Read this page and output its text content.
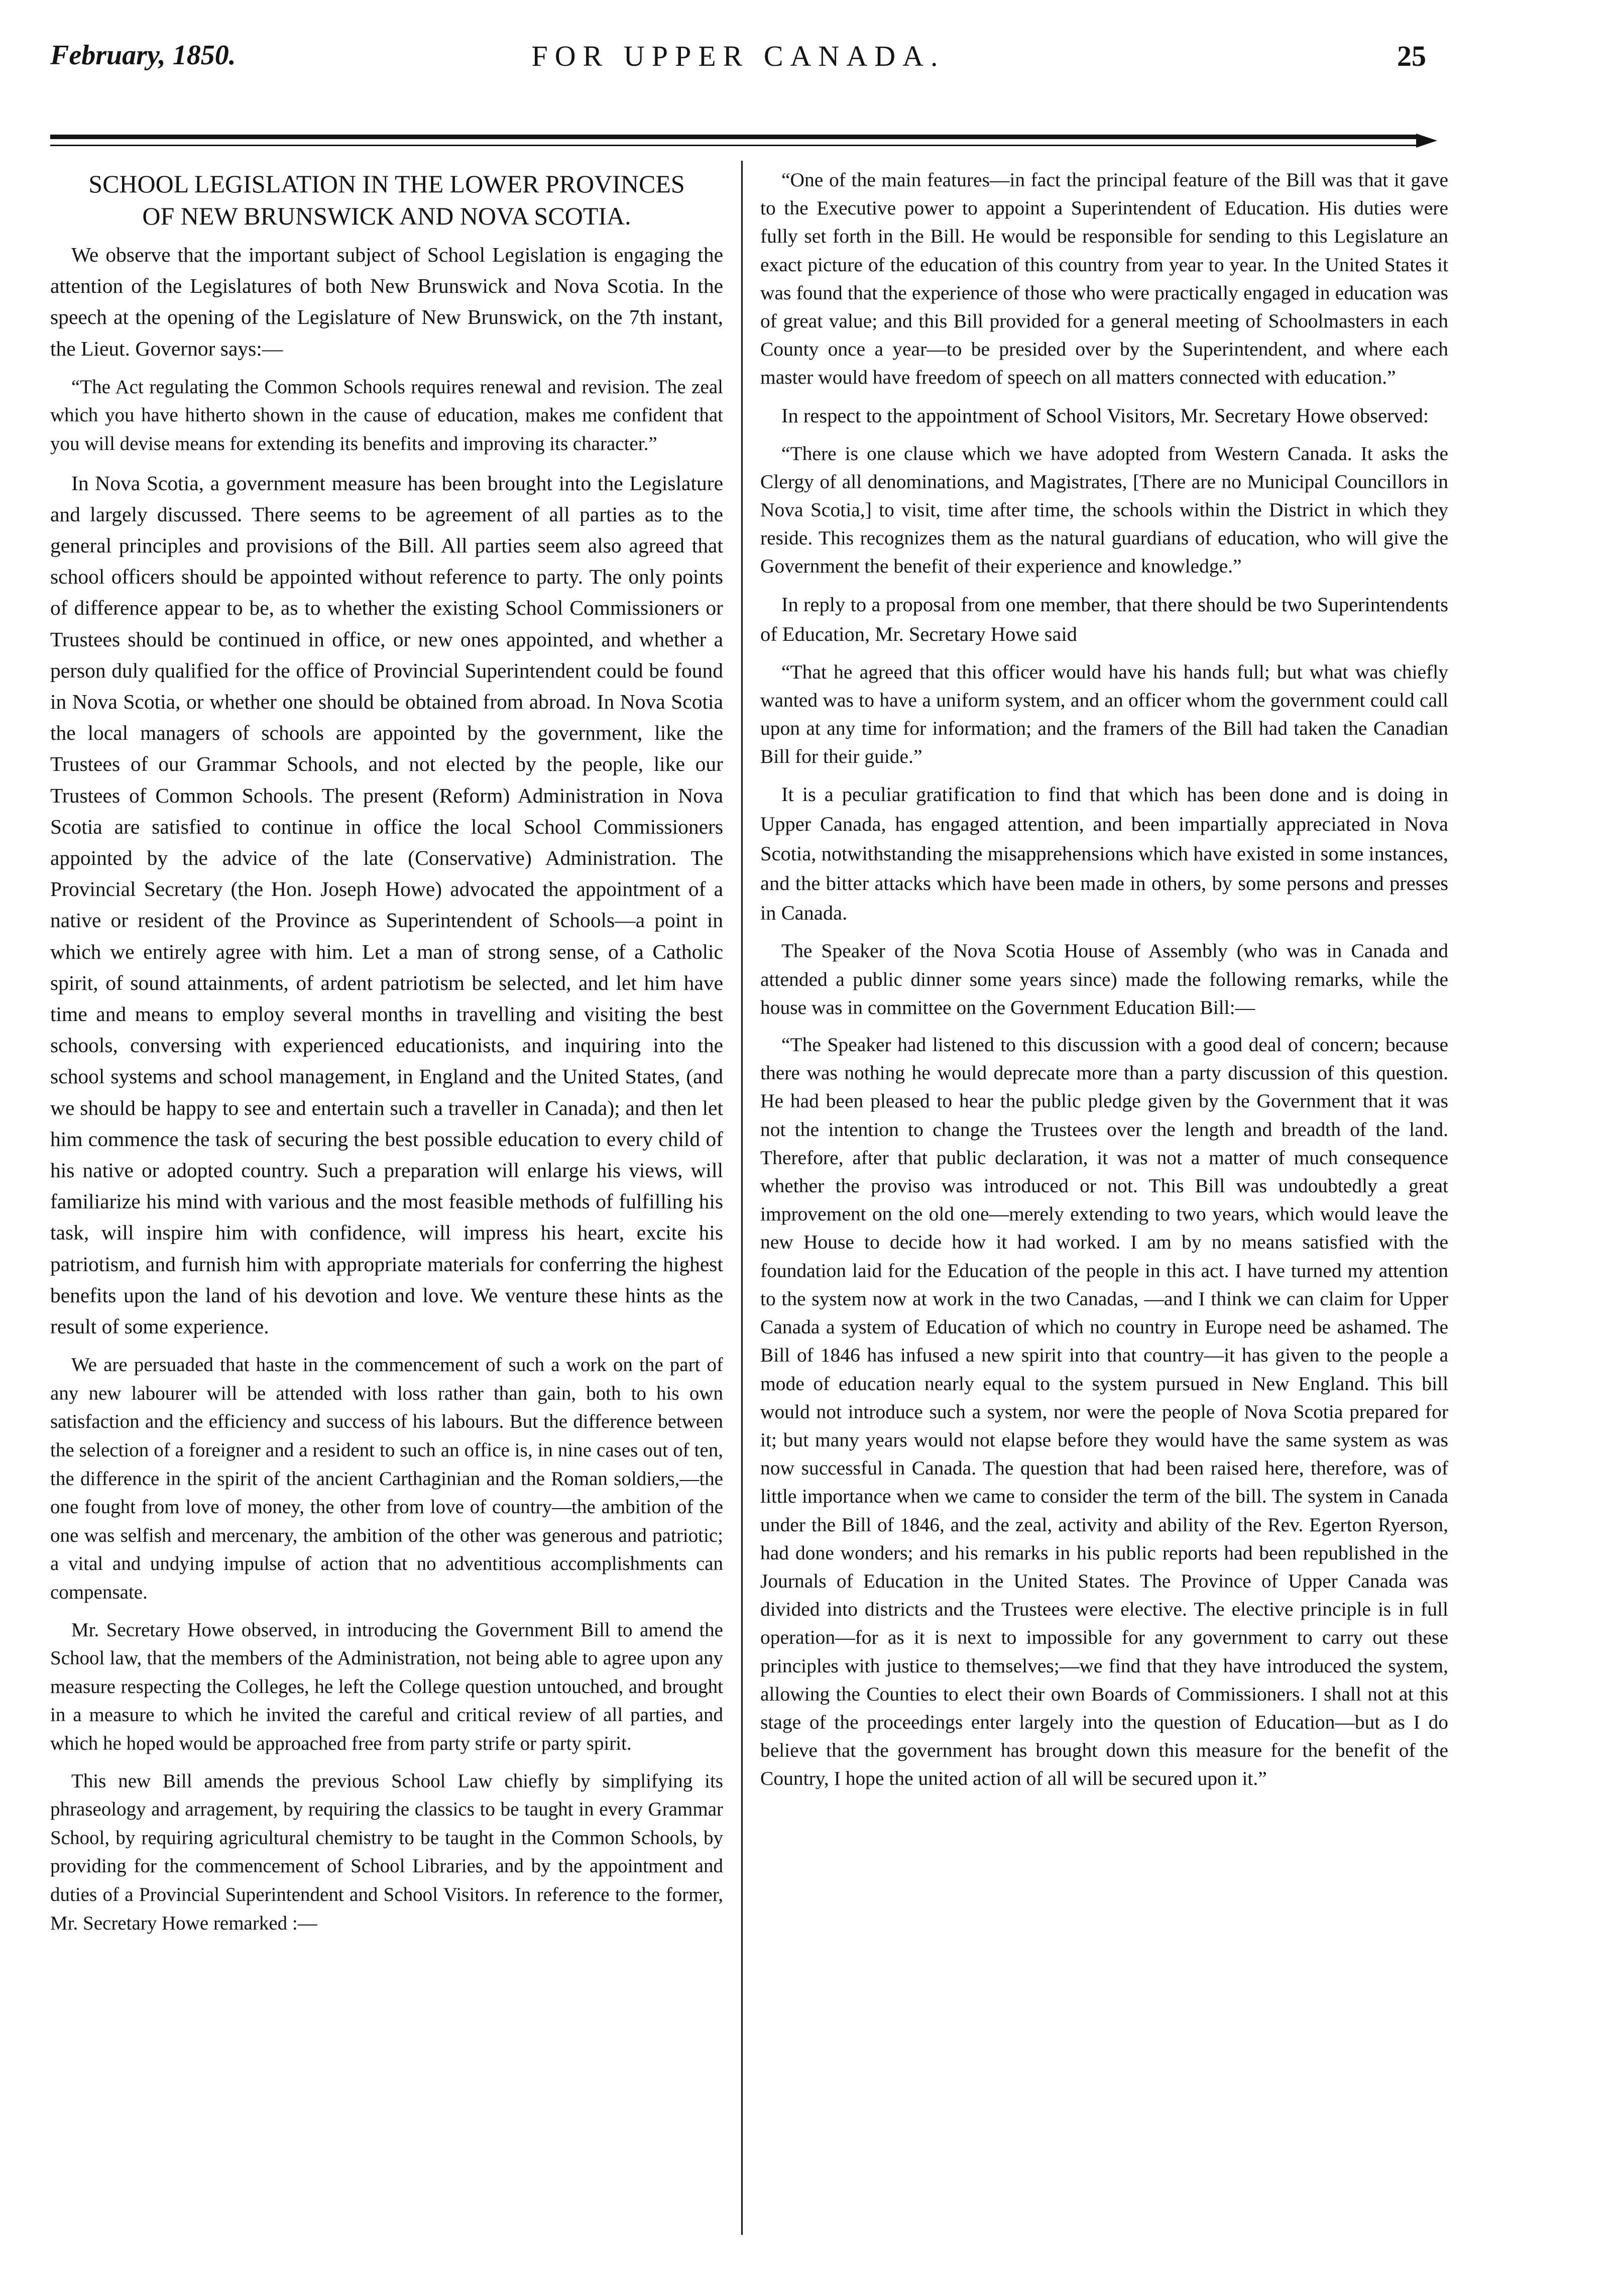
February, 1850.	FOR UPPER CANADA.	25
SCHOOL LEGISLATION IN THE LOWER PROVINCES
OF NEW BRUNSWICK AND NOVA SCOTIA.

We observe that the important subject of School Legislation is engaging the attention of the Legislatures of both New Brunswick and Nova Scotia. In the speech at the opening of the Legislature of New Brunswick, on the 7th instant, the Lieut. Governor says:—

“The Act regulating the Common Schools requires renewal and revision. The zeal which you have hitherto shown in the cause of education, makes me confident that you will devise means for extending its benefits and improving its character.”

In Nova Scotia, a government measure has been brought into the Legislature and largely discussed. There seems to be agreement of all parties as to the general principles and provisions of the Bill. All parties seem also agreed that school officers should be appointed without reference to party. The only points of difference appear to be, as to whether the existing School Commissioners or Trustees should be continued in office, or new ones appointed, and whether a person duly qualified for the office of Provincial Superintendent could be found in Nova Scotia, or whether one should be obtained from abroad. In Nova Scotia the local managers of schools are appointed by the government, like the Trustees of our Grammar Schools, and not elected by the people, like our Trustees of Common Schools. The present (Reform) Administration in Nova Scotia are satisfied to continue in office the local School Commissioners appointed by the advice of the late (Conservative) Administration. The Provincial Secretary (the Hon. Joseph Howe) advocated the appointment of a native or resident of the Province as Superintendent of Schools—a point in which we entirely agree with him. Let a man of strong sense, of a Catholic spirit, of sound attainments, of ardent patriotism be selected, and let him have time and means to employ several months in travelling and visiting the best schools, conversing with experienced educationists, and inquiring into the school systems and school management, in England and the United States, (and we should be happy to see and entertain such a traveller in Canada); and then let him commence the task of securing the best possible education to every child of his native or adopted country. Such a preparation will enlarge his views, will familiarize his mind with various and the most feasible methods of fulfilling his task, will inspire him with confidence, will impress his heart, excite his patriotism, and furnish him with appropriate materials for conferring the highest benefits upon the land of his devotion and love. We venture these hints as the result of some experience.

We are persuaded that haste in the commencement of such a work on the part of any new labourer will be attended with loss rather than gain, both to his own satisfaction and the efficiency and success of his labours. But the difference between the selection of a foreigner and a resident to such an office is, in nine cases out of ten, the difference in the spirit of the ancient Carthaginian and the Roman soldiers,—the one fought from love of money, the other from love of country—the ambition of the one was selfish and mercenary, the ambition of the other was generous and patriotic; a vital and undying impulse of action that no adventitious accomplishments can compensate.

Mr. Secretary Howe observed, in introducing the Government Bill to amend the School law, that the members of the Administration, not being able to agree upon any measure respecting the Colleges, he left the College question untouched, and brought in a measure to which he invited the careful and critical review of all parties, and which he hoped would be approached free from party strife or party spirit.

This new Bill amends the previous School Law chiefly by simplifying its phraseology and arragement, by requiring the classics to be taught in every Grammar School, by requiring agricultural chemistry to be taught in the Common Schools, by providing for the commencement of School Libraries, and by the appointment and duties of a Provincial Superintendent and School Visitors. In reference to the former, Mr. Secretary Howe remarked :—

“One of the main features—in fact the principal feature of the Bill was that it gave to the Executive power to appoint a Superintendent of Education. His duties were fully set forth in the Bill. He would be responsible for sending to this Legislature an exact picture of the education of this country from year to year. In the United States it was found that the experience of those who were practically engaged in education was of great value; and this Bill provided for a general meeting of Schoolmasters in each County once a year—to be presided over by the Superintendent, and where each master would have freedom of speech on all matters connected with education.”

In respect to the appointment of School Visitors, Mr. Secretary Howe observed:

“There is one clause which we have adopted from Western Canada. It asks the Clergy of all denominations, and Magistrates, [There are no Municipal Councillors in Nova Scotia,] to visit, time after time, the schools within the District in which they reside. This recognizes them as the natural guardians of education, who will give the Government the benefit of their experience and knowledge.”

In reply to a proposal from one member, that there should be two Superintendents of Education, Mr. Secretary Howe said

“That he agreed that this officer would have his hands full; but what was chiefly wanted was to have a uniform system, and an officer whom the government could call upon at any time for information; and the framers of the Bill had taken the Canadian Bill for their guide.”

It is a peculiar gratification to find that which has been done and is doing in Upper Canada, has engaged attention, and been impartially appreciated in Nova Scotia, notwithstanding the misapprehensions which have existed in some instances, and the bitter attacks which have been made in others, by some persons and presses in Canada.

The Speaker of the Nova Scotia House of Assembly (who was in Canada and attended a public dinner some years since) made the following remarks, while the house was in committee on the Government Education Bill:—

“The Speaker had listened to this discussion with a good deal of concern; because there was nothing he would deprecate more than a party discussion of this question. He had been pleased to hear the public pledge given by the Government that it was not the intention to change the Trustees over the length and breadth of the land. Therefore, after that public declaration, it was not a matter of much consequence whether the proviso was introduced or not. This Bill was undoubtedly a great improvement on the old one—merely extending to two years, which would leave the new House to decide how it had worked. I am by no means satisfied with the foundation laid for the Education of the people in this act. I have turned my attention to the system now at work in the two Canadas, —and I think we can claim for Upper Canada a system of Education of which no country in Europe need be ashamed. The Bill of 1846 has infused a new spirit into that country—it has given to the people a mode of education nearly equal to the system pursued in New England. This bill would not introduce such a system, nor were the people of Nova Scotia prepared for it; but many years would not elapse before they would have the same system as was now successful in Canada. The question that had been raised here, therefore, was of little importance when we came to consider the term of the bill. The system in Canada under the Bill of 1846, and the zeal, activity and ability of the Rev. Egerton Ryerson, had done wonders; and his remarks in his public reports had been republished in the Journals of Education in the United States. The Province of Upper Canada was divided into districts and the Trustees were elective. The elective principle is in full operation—for as it is next to impossible for any government to carry out these principles with justice to themselves;—we find that they have introduced the system, allowing the Counties to elect their own Boards of Commissioners. I shall not at this stage of the proceedings enter largely into the question of Education—but as I do believe that the government has brought down this measure for the benefit of the Country, I hope the united action of all will be secured upon it.”
